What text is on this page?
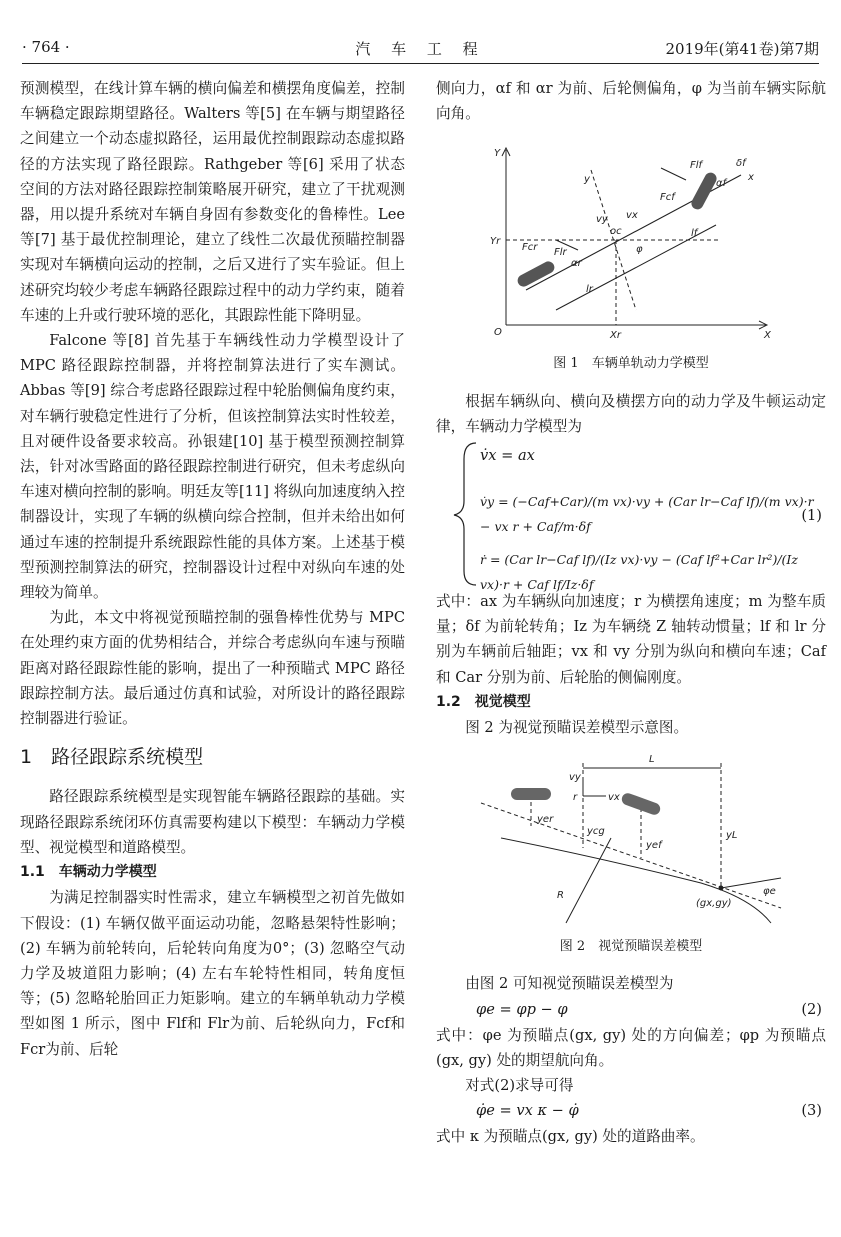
· 764 ·	汽 车 工 程	2019年(第41卷)第7期

预测模型，在线计算车辆的横向偏差和横摆角度偏差，控制车辆稳定跟踪期望路径。Walters 等[5] 在车辆与期望路径之间建立一个动态虚拟路径，运用最优控制跟踪动态虚拟路径的方法实现了路径跟踪。Rathgeber 等[6] 采用了状态空间的方法对路径跟踪控制策略展开研究，建立了干扰观测器，用以提升系统对车辆自身固有参数变化的鲁棒性。Lee 等[7] 基于最优控制理论，建立了线性二次最优预瞄控制器实现对车辆横向运动的控制，之后又进行了实车验证。但上述研究均较少考虑车辆路径跟踪过程中的动力学约束，随着车速的上升或行驶环境的恶化，其跟踪性能下降明显。

Falcone 等[8] 首先基于车辆线性动力学模型设计了 MPC 路径跟踪控制器，并将控制算法进行了实车测试。Abbas 等[9] 综合考虑路径跟踪过程中轮胎侧偏角度约束，对车辆行驶稳定性进行了分析，但该控制算法实时性较差，且对硬件设备要求较高。孙银建[10] 基于模型预测控制算法，针对冰雪路面的路径跟踪控制进行研究，但未考虑纵向车速对横向控制的影响。明廷友等[11] 将纵向加速度纳入控制器设计，实现了车辆的纵横向综合控制，但并未给出如何通过车速的控制提升系统跟踪性能的具体方案。上述基于模型预测控制算法的研究，控制器设计过程中对纵向车速的处理较为简单。

为此，本文中将视觉预瞄控制的强鲁棒性优势与 MPC 在处理约束方面的优势相结合，并综合考虑纵向车速与预瞄距离对路径跟踪性能的影响，提出了一种预瞄式 MPC 路径跟踪控制方法。最后通过仿真和试验，对所设计的路径跟踪控制器进行验证。

1　路径跟踪系统模型

路径跟踪系统模型是实现智能车辆路径跟踪的基础。实现路径跟踪系统闭环仿真需要构建以下模型：车辆动力学模型、视觉模型和道路模型。

1.1　车辆动力学模型

为满足控制器实时性需求，建立车辆模型之初首先做如下假设：(1) 车辆仅做平面运动功能，忽略悬架特性影响；(2) 车辆为前轮转向，后轮转向角度为0°；(3) 忽略空气动力学及坡道阻力影响；(4) 左右车轮特性相同，转角度恒等；(5) 忽略轮胎回正力矩影响。建立的车辆单轨动力学模型如图 1 所示，图中 Flf和 Flr为前、后轮纵向力，Fcf和 Fcr为前、后轮

侧向力，αf 和 αr 为前、后轮侧偏角，φ 为当前车辆实际航向角。

Y
O	X
Xr
Yr
lf
lr
vx
vy
φ
Fcf
Fcr
Flf
Flr
αf
αr
δf
x
y
oc
图 1　车辆单轨动力学模型

根据车辆纵向、横向及横摆方向的动力学及牛顿运动定律，车辆动力学模型为

v̇x = ax
v̇y = (−Caf+Car)/(m vx)·vy + (Car lr−Caf lf)/(m vx)·r − vx r + Caf/m·δf
ṙ = (Car lr−Caf lf)/(Iz vx)·vy − (Caf lf²+Car lr²)/(Iz vx)·r + Caf lf/Iz·δf
(1)

式中：ax 为车辆纵向加速度；r 为横摆角速度；m 为整车质量；δf 为前轮转角；Iz 为车辆绕 Z 轴转动惯量；lf 和 lr 分别为车辆前后轴距；vx 和 vy 分别为纵向和横向车速；Caf和 Car 分别为前、后轮胎的侧偏刚度。

1.2　视觉模型

图 2 为视觉预瞄误差模型示意图。

L
vy
vx
r
yer
ycg
yef
yL
R
(gx,gy)
φe
图 2　视觉预瞄误差模型

由图 2 可知视觉预瞄误差模型为

φe = φp − φ	(2)

式中：φe 为预瞄点(gx, gy) 处的方向偏差；φp 为预瞄点(gx, gy) 处的期望航向角。

对式(2)求导可得

φ̇e = vx κ − φ̇	(3)

式中 κ 为预瞄点(gx, gy) 处的道路曲率。
